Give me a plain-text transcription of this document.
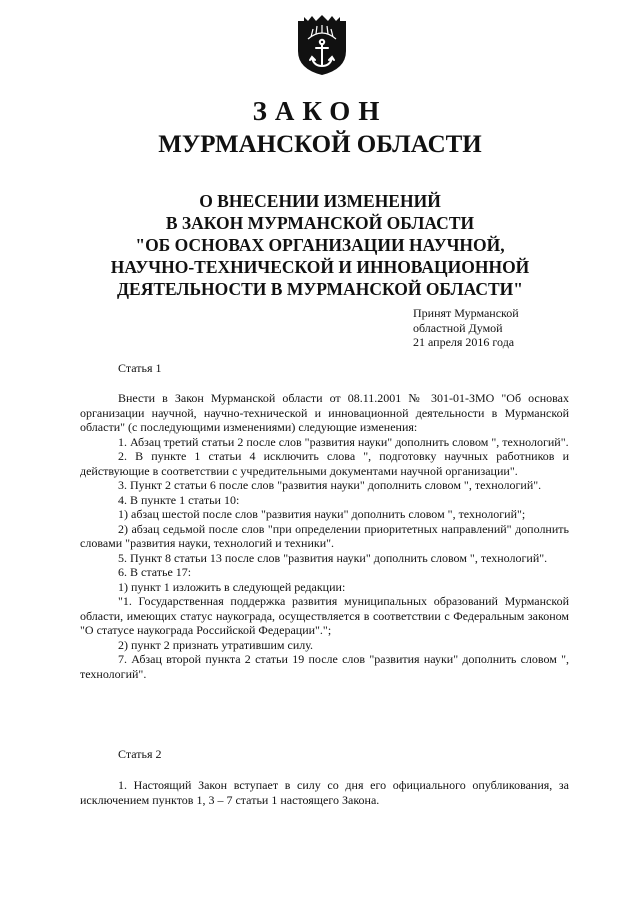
ЗАКОН
МУРМАНСКОЙ ОБЛАСТИ
О ВНЕСЕНИИ ИЗМЕНЕНИЙ
В ЗАКОН МУРМАНСКОЙ ОБЛАСТИ
"ОБ ОСНОВАХ ОРГАНИЗАЦИИ НАУЧНОЙ,
НАУЧНО-ТЕХНИЧЕСКОЙ И ИННОВАЦИОННОЙ
ДЕЯТЕЛЬНОСТИ В МУРМАНСКОЙ ОБЛАСТИ"
Принят Мурманской
областной Думой
21 апреля 2016 года
Статья 1

Внести в Закон Мурманской области от 08.11.2001 № 301-01-ЗМО "Об основах организации научной, научно-технической и инновационной деятельности в Мурманской области" (с последующими изменениями) следующие изменения:

1. Абзац третий статьи 2 после слов "развития науки" дополнить словом ", технологий".

2. В пункте 1 статьи 4 исключить слова ", подготовку научных работников и действующие в соответствии с учредительными документами научной организации".

3. Пункт 2 статьи 6 после слов "развития науки" дополнить словом ", технологий".

4. В пункте 1 статьи 10:

1) абзац шестой после слов "развития науки" дополнить словом ", технологий";

2) абзац седьмой после слов "при определении приоритетных направлений" дополнить словами "развития науки, технологий и техники".

5. Пункт 8 статьи 13 после слов "развития науки" дополнить словом ", технологий".

6. В статье 17:

1) пункт 1 изложить в следующей редакции:

"1. Государственная поддержка развития муниципальных образований Мурманской области, имеющих статус наукограда, осуществляется в соответствии с Федеральным законом "О статусе наукограда Российской Федерации".";

2) пункт 2 признать утратившим силу.

7. Абзац второй пункта 2 статьи 19 после слов "развития науки" дополнить словом ", технологий".

Статья 2

1. Настоящий Закон вступает в силу со дня его официального опубликования, за исключением пунктов 1, 3 – 7 статьи 1 настоящего Закона.
